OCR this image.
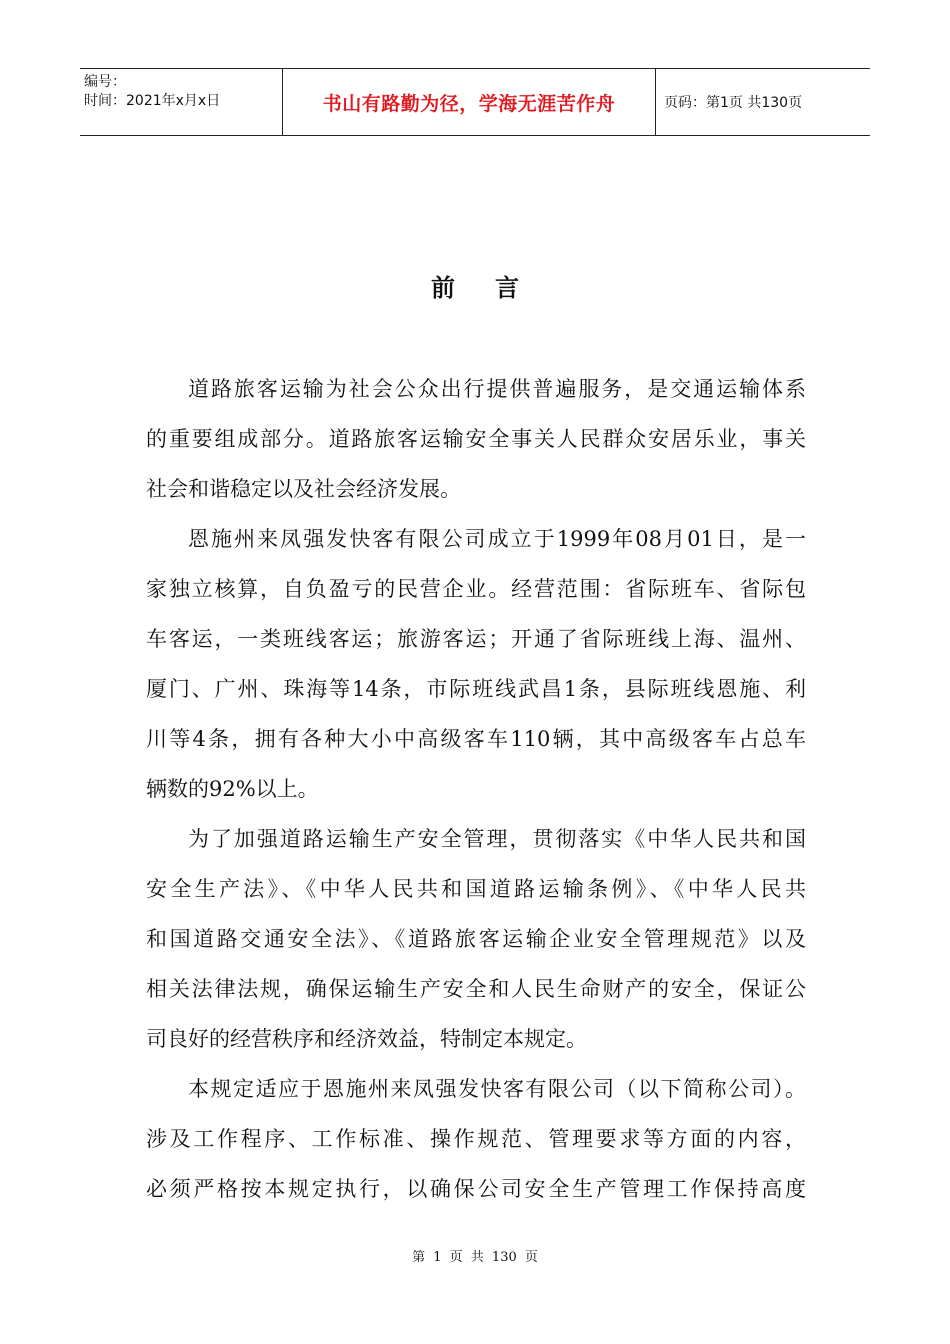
编号：
时间：2021年x月x日	书山有路勤为径，学海无涯苦作舟	页码：第1页 共130页
前言
道路旅客运输为社会公众出行提供普遍服务，是交通运输体系
的重要组成部分。道路旅客运输安全事关人民群众安居乐业，事关
社会和谐稳定以及社会经济发展。
恩施州来凤强发快客有限公司成立于1999年08月01日，是一
家独立核算，自负盈亏的民营企业。经营范围：省际班车、省际包
车客运，一类班线客运；旅游客运；开通了省际班线上海、温州、
厦门、广州、珠海等14条，市际班线武昌1条，县际班线恩施、利
川等4条，拥有各种大小中高级客车110辆，其中高级客车占总车
辆数的92%以上。
为了加强道路运输生产安全管理，贯彻落实《中华人民共和国
安全生产法》、《中华人民共和国道路运输条例》、《中华人民共
和国道路交通安全法》、《道路旅客运输企业安全管理规范》以及
相关法律法规，确保运输生产安全和人民生命财产的安全，保证公
司良好的经营秩序和经济效益，特制定本规定。
本规定适应于恩施州来凤强发快客有限公司（以下简称公司）。
涉及工作程序、工作标准、操作规范、管理要求等方面的内容，
必须严格按本规定执行，以确保公司安全生产管理工作保持高度
第 1 页 共 130 页
